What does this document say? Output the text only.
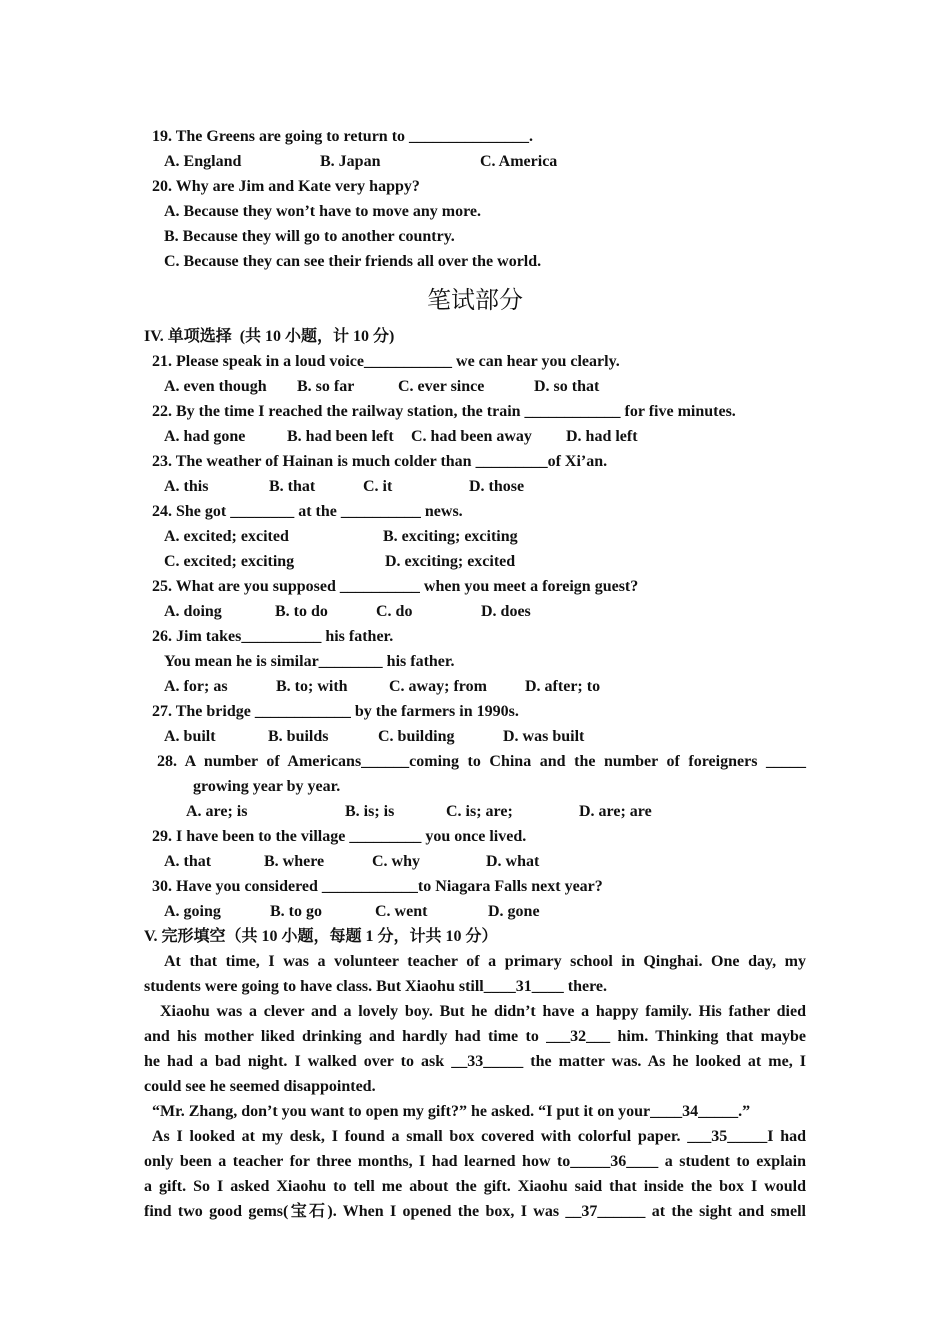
19. The Greens are going to return to _______________.
A. England	B. Japan	C. America
20. Why are Jim and Kate very happy?
A. Because they won’t have to move any more.
B. Because they will go to another country.
C. Because they can see their friends all over the world.
笔试部分
IV. 单项选择  (共 10 小题，计 10 分)
21. Please speak in a loud voice___________ we can hear you clearly.
A. even though B. so far	C. ever since	D. so that
22. By the time I reached the railway station, the train ____________ for five minutes.
A. had gone	B. had been left C. had been away D. had left
23. The weather of Hainan is much colder than _________of Xi’an.
A. this	B. that	C. it	D. those
24. She got ________ at the __________ news.
A. excited; excited	B. exciting; exciting
C. excited; exciting	D. exciting; excited
25. What are you supposed __________ when you meet a foreign guest?
A. doing	B. to do	C. do	D. does
26. Jim takes__________ his father.
You mean he is similar________ his father.
A. for; as	B. to; with	C. away; from D. after; to
27. The bridge ____________ by the farmers in 1990s.
A. built	B. builds	C. building	D. was built
28. A number of Americans______coming to China and the number of foreigners _____
growing year by year.
A. are; is	B. is; is	C. is; are;	D. are; are
29. I have been to the village _________ you once lived.
A. that	B. where	C. why	D. what
30. Have you considered ____________to Niagara Falls next year?
A. going	B. to go	C. went	D. gone
V. 完形填空（共 10 小题，每题 1 分，计共 10 分）
At that time, I was a volunteer teacher of a primary school in Qinghai. One day, my
students were going to have class. But Xiaohu still____31____ there.
Xiaohu was a clever and a lovely boy. But he didn’t have a happy family. His father died
and his mother liked drinking and hardly had time to ___32___ him. Thinking that maybe
he had a bad night. I walked over to ask __33_____ the matter was. As he looked at me, I
could see he seemed disappointed.
“Mr. Zhang, don’t you want to open my gift?” he asked. “I put it on your____34_____.”
As I looked at my desk, I found a small box covered with colorful paper. ___35_____I had
only been a teacher for three months, I had learned how to_____36____ a student to explain
a gift. So I asked Xiaohu to tell me about the gift. Xiaohu said that inside the box I would
find two good gems(宝石). When I opened the box, I was __37______ at the sight and smell
